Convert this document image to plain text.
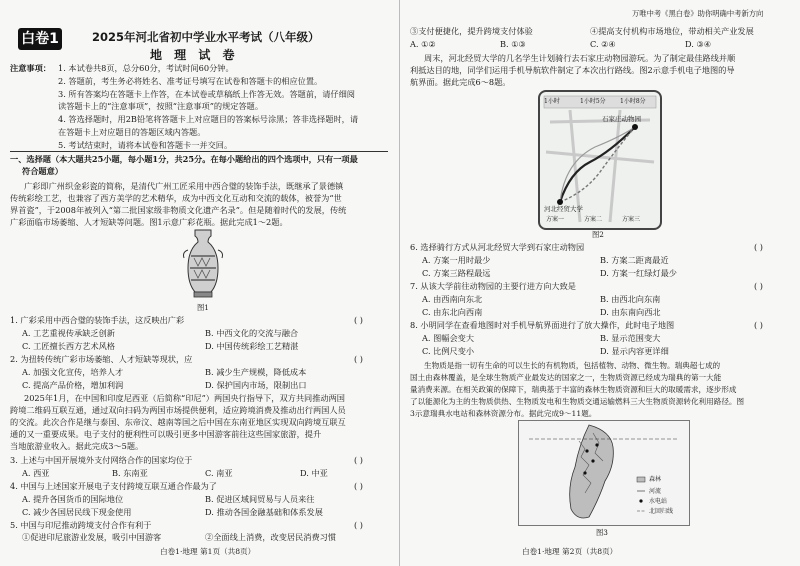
白卷1	2025年河北省初中学业水平考试（八年级）
地 理 试 卷
注意事项： 1. 本试卷共8页，总分60分，考试时间60分钟。
2. 答题前，考生务必将姓名、准考证号填写在试卷和答题卡的相应位置。
3. 所有答案均在答题卡上作答，在本试卷或草稿纸上作答无效。答题前，请仔细阅
读答题卡上的“注意事项”，按照“注意事项”的规定答题。
4. 答选择题时，用2B铅笔将答题卡上对应题目的答案标号涂黑；答非选择题时，请
在答题卡上对应题目的答题区域内答题。
5. 考试结束时，请将本试卷和答题卡一并交回。
一、选择题（本大题共25小题，每小题1分，共25分。在每小题给出的四个选项中，只有一项最
符合题意）
广彩即广州织金彩瓷的简称，是清代广州工匠采用中西合璧的装饰手法，既继承了景德镇
传统彩绘工艺，也兼容了西方美学的艺术精华，成为中西文化互动和交流的载体，被誉为“世
界首瓷”，于2008年被列入“第二批国家级非物质文化遗产名录”。但是随着时代的发展，传统
广彩面临市场萎缩、人才短缺等问题。图1示意广彩花瓶。据此完成1～2题。
图1
1. 广彩采用中西合璧的装饰手法，这反映出广彩	( )
A. 工艺重视传承缺乏创新	B. 中西文化的交流与融合
C. 工匠擅长西方艺术风格	D. 中国传统彩绘工艺精湛
2. 为扭转传统广彩市场萎缩、人才短缺等现状，应	( )
A. 加强文化宣传，培养人才	B. 减少生产规模，降低成本
C. 提高产品价格，增加利润	D. 保护国内市场，限制出口
2025年1月，在中国和印度尼西亚（后简称“印尼”）两国央行指导下，双方共同推动两国
跨境二维码互联互通，通过双向扫码为两国市场提供便利，适应跨境消费及推动出行两国人员
的交流。此次合作是继与泰国、东帝汶、越南等国之后中国在东南亚地区实现双向跨境互联互
通的又一重要成果。电子支付的便利性可以吸引更多中国游客前往这些国家旅游，提升
当地旅游业收入。据此完成3～5题。
3. 上述与中国开展境外支付网络合作的国家均位于	( )
A. 西亚	B. 东南亚	C. 南亚	D. 中亚
4. 中国与上述国家开展电子支付跨境互联互通合作最为了	( )
A. 提升各国货币的国际地位	B. 促进区域间贸易与人员来往
C. 减少各国居民线下现金使用	D. 推动各国金融基础和体系发展
5. 中国与印尼推动跨境支付合作有利于	( )
①促进印尼旅游业发展，吸引中国游客	②全面线上消费，改变居民消费习惯
白卷1·地理 第1页（共8页）
万唯中考《黑白卷》助你明确中考新方向
③支付便捷化，提升跨境支付体验	④提高支付机构市场地位，带动相关产业发展
A. ①②	B. ①③	C. ②④	D. ③④
周末，河北经贸大学的几名学生计划骑行去石家庄动物园游玩。为了制定最佳路线并顺
利抵达目的地，同学们运用手机导航软件制定了本次出行路线。图2示意手机电子地图的导
航界面。据此完成6～8题。
河北经贸大学
石家庄动物园
方案一	方案二	方案三
1小时	1小时5分 1小时8分
图2
6. 选择骑行方式从河北经贸大学到石家庄动物园	( )
A. 方案一用时最少	B. 方案二距离最近
C. 方案三路程最远	D. 方案一红绿灯最少
7. 从该大学前往动物园的主要行进方向大致是	( )
A. 由西南向东北	B. 由西北向东南
C. 由东北向西南	D. 由东南向西北
8. 小明同学在查看地图时对手机导航界面进行了放大操作，此时电子地图	( )
A. 图幅会变大	B. 显示范围变大
C. 比例尺变小	D. 显示内容更详细
生物质是指一切有生命的可以生长的有机物质，包括植物、动物、微生物。瑞典超七成的
国土由森林覆盖，是全球生物质产业最发达的国家之一，生物质资源已经成为瑞典的第一大能
量消费来源。在相关政策的保障下，瑞典基于丰富的森林生物质资源和巨大的取暖需求，逐步形成
了以能源化为主的生物质供热、生物质发电和生物质交通运输燃料三大生物质资源转化利用路径。图
3示意瑞典水电站和森林资源分布。据此完成9～11题。
森林
河流
水电站
北回归线
图3
白卷1·地理 第2页（共8页）
